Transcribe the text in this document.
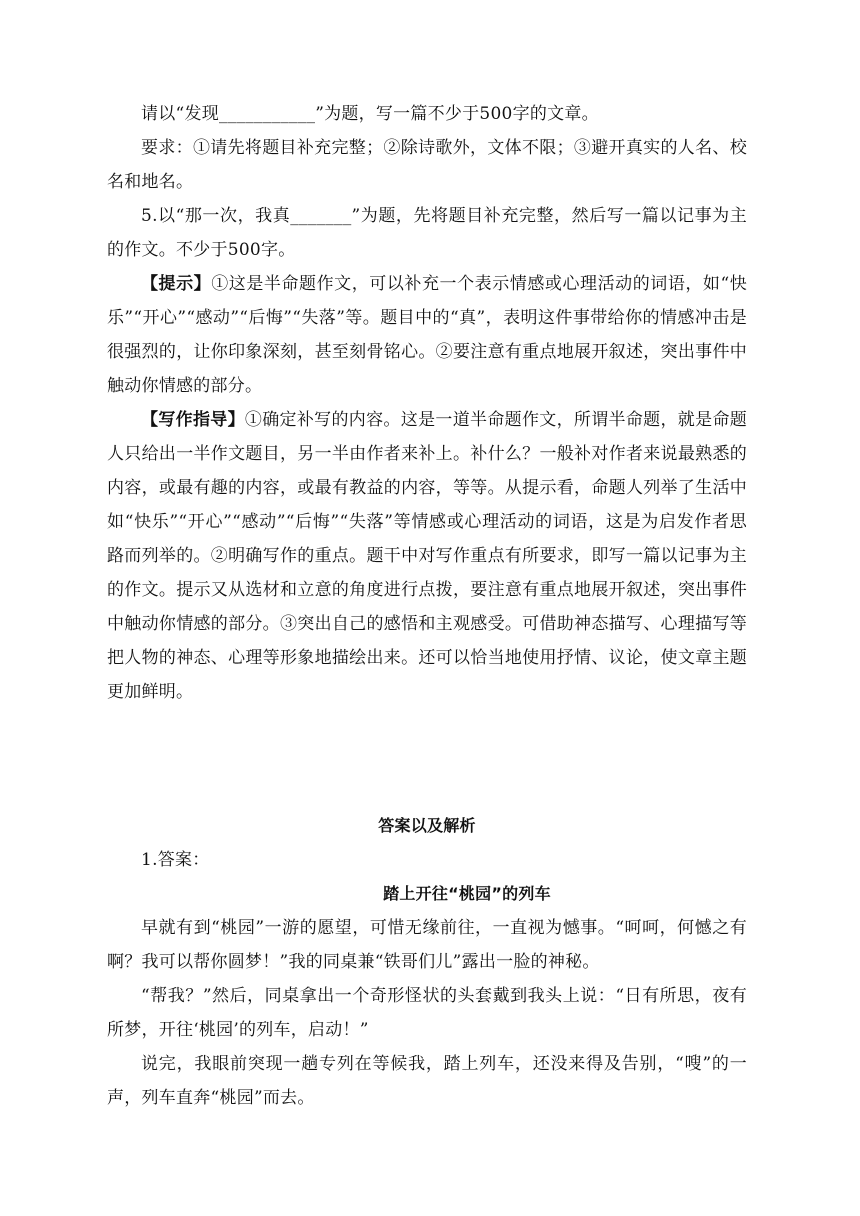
请以“发现___________”为题，写一篇不少于500字的文章。

要求：①请先将题目补充完整；②除诗歌外，文体不限；③避开真实的人名、校名和地名。

5.以“那一次，我真_______”为题，先将题目补充完整，然后写一篇以记事为主的作文。不少于500字。

【提示】①这是半命题作文，可以补充一个表示情感或心理活动的词语，如“快乐”“开心”“感动”“后悔”“失落”等。题目中的“真”，表明这件事带给你的情感冲击是很强烈的，让你印象深刻，甚至刻骨铭心。②要注意有重点地展开叙述，突出事件中触动你情感的部分。

【写作指导】①确定补写的内容。这是一道半命题作文，所谓半命题，就是命题人只给出一半作文题目，另一半由作者来补上。补什么？一般补对作者来说最熟悉的内容，或最有趣的内容，或最有教益的内容，等等。从提示看，命题人列举了生活中如“快乐”“开心”“感动”“后悔”“失落”等情感或心理活动的词语，这是为启发作者思路而列举的。②明确写作的重点。题干中对写作重点有所要求，即写一篇以记事为主的作文。提示又从选材和立意的角度进行点拨，要注意有重点地展开叙述，突出事件中触动你情感的部分。③突出自己的感悟和主观感受。可借助神态描写、心理描写等把人物的神态、心理等形象地描绘出来。还可以恰当地使用抒情、议论，使文章主题更加鲜明。

答案以及解析

1.答案：

踏上开往“桃园”的列车

早就有到“桃园”一游的愿望，可惜无缘前往，一直视为憾事。“呵呵，何憾之有啊？我可以帮你圆梦！”我的同桌兼“铁哥们儿”露出一脸的神秘。

“帮我？”然后，同桌拿出一个奇形怪状的头套戴到我头上说：“日有所思，夜有所梦，开往‘桃园’的列车，启动！”

说完，我眼前突现一趟专列在等候我，踏上列车，还没来得及告别，“嗖”的一声，列车直奔“桃园”而去。
